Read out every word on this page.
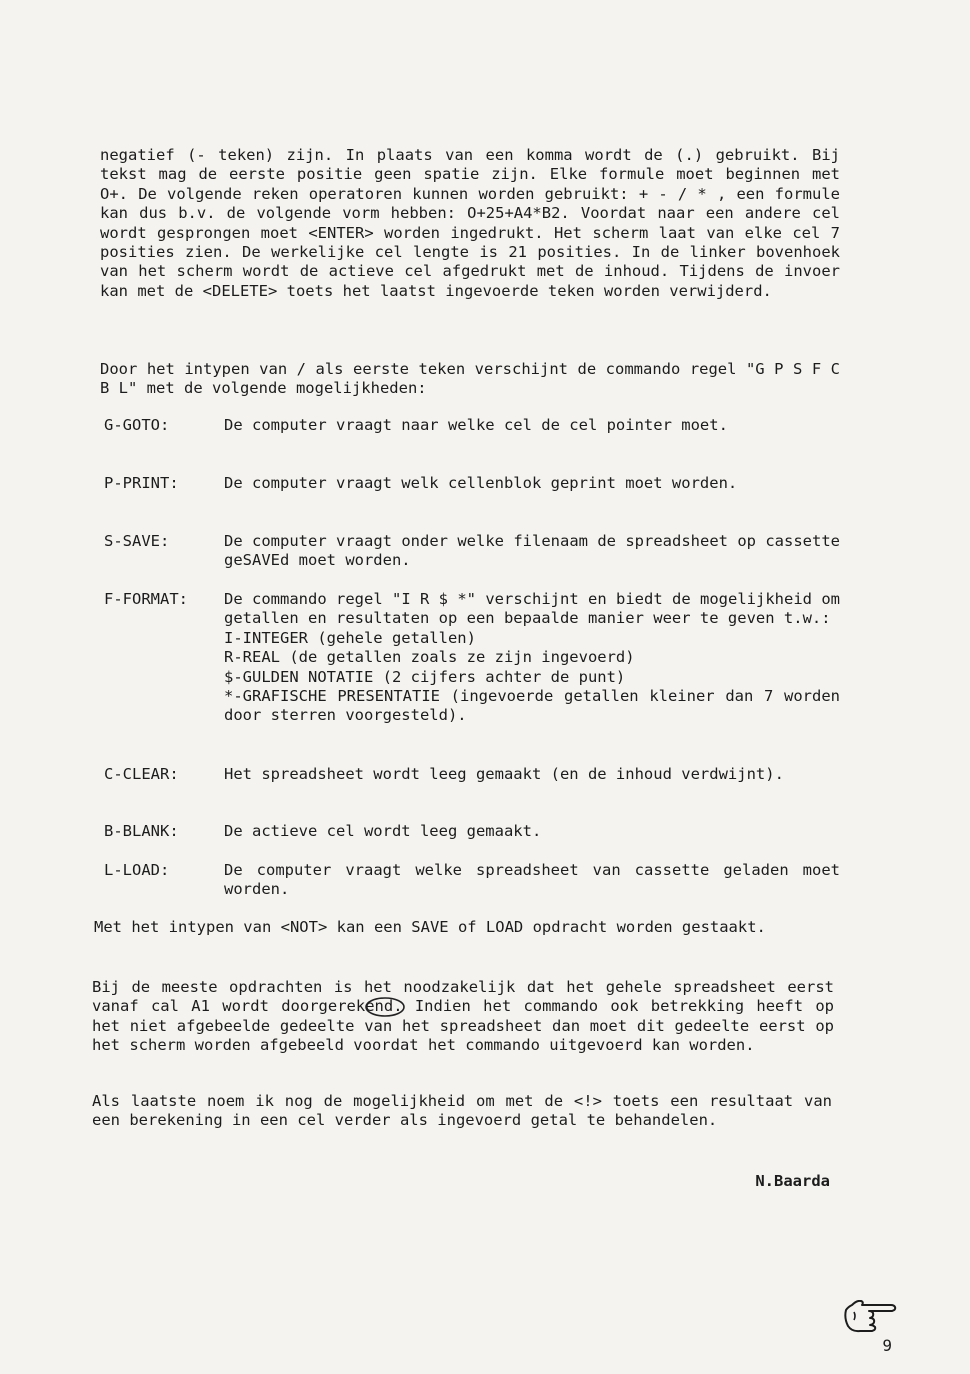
negatief (- teken) zijn. In plaats van een komma wordt de (.) gebruikt. Bij tekst mag de eerste positie geen spatie zijn. Elke formule moet beginnen met O+. De volgende reken operatoren kunnen worden gebruikt: + - / * , een formule kan dus b.v. de volgende vorm hebben: O+25+A4*B2. Voordat naar een andere cel wordt gesprongen moet <ENTER> worden ingedrukt. Het scherm laat van elke cel 7 posities zien. De werkelijke cel lengte is 21 posities. In de linker bovenhoek van het scherm wordt de actieve cel afgedrukt met de inhoud. Tijdens de invoer kan met de <DELETE> toets het laatst ingevoerde teken worden verwijderd.
Door het intypen van / als eerste teken verschijnt de commando regel "G P S F C B L" met de volgende mogelijkheden:
G-GOTO:	De computer vraagt naar welke cel de cel pointer moet.
P-PRINT:	De computer vraagt welk cellenblok geprint moet worden.
S-SAVE:	De computer vraagt onder welke filenaam de spreadsheet op cassette geSAVEd moet worden.
F-FORMAT:	De commando regel "I R $ *" verschijnt en biedt de mogelijkheid om getallen en resultaten op een bepaalde manier weer te geven t.w.:
I-INTEGER (gehele getallen)
R-REAL (de getallen zoals ze zijn ingevoerd)
$-GULDEN NOTATIE (2 cijfers achter de punt)
*-GRAFISCHE PRESENTATIE (ingevoerde getallen kleiner dan 7 worden door sterren voorgesteld).
C-CLEAR:	Het spreadsheet wordt leeg gemaakt (en de inhoud verdwijnt).
B-BLANK:	De actieve cel wordt leeg gemaakt.
L-LOAD:	De computer vraagt welke spreadsheet van cassette geladen moet worden.
Met het intypen van <NOT> kan een SAVE of LOAD opdracht worden gestaakt.
Bij de meeste opdrachten is het noodzakelijk dat het gehele spreadsheet eerst vanaf cal A1 wordt doorgerekend. Indien het commando ook betrekking heeft op het niet afgebeelde gedeelte van het spreadsheet dan moet dit gedeelte eerst op het scherm worden afgebeeld voordat het commando uitgevoerd kan worden.
Als laatste noem ik nog de mogelijkheid om met de <!> toets een resultaat van een berekening in een cel verder als ingevoerd getal te behandelen.
N.Baarda
9
